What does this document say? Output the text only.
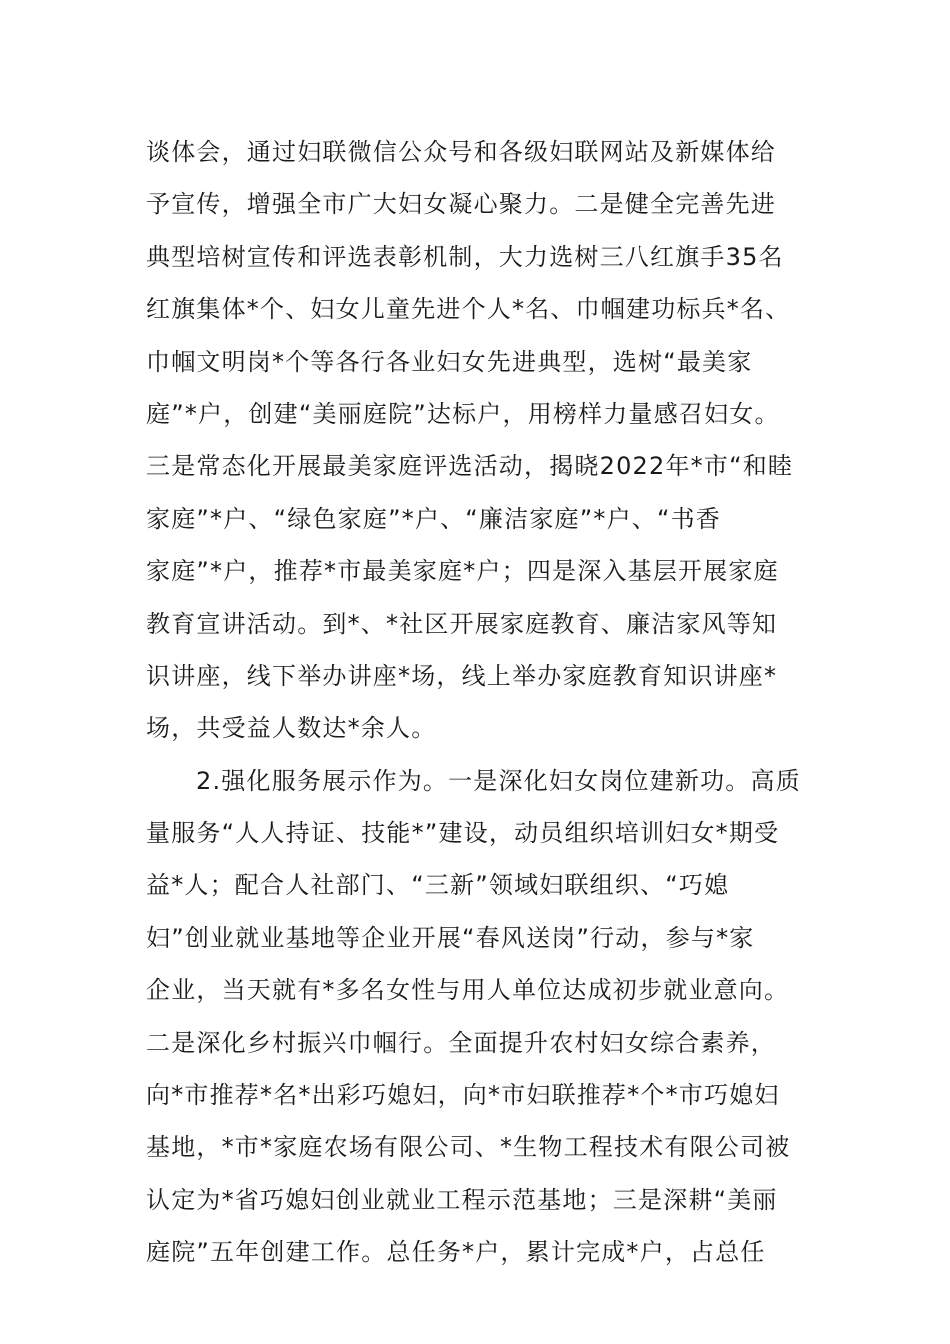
谈体会，通过妇联微信公众号和各级妇联网站及新媒体给
予宣传，增强全市广大妇女凝心聚力。二是健全完善先进
典型培树宣传和评选表彰机制，大力选树三八红旗手35名
红旗集体*个、妇女儿童先进个人*名、巾帼建功标兵*名、
巾帼文明岗*个等各行各业妇女先进典型，选树“最美家
庭”*户，创建“美丽庭院”达标户，用榜样力量感召妇女。
三是常态化开展最美家庭评选活动，揭晓2022年*市“和睦
家庭”*户、“绿色家庭”*户、“廉洁家庭”*户、“书香
家庭”*户，推荐*市最美家庭*户；四是深入基层开展家庭
教育宣讲活动。到*、*社区开展家庭教育、廉洁家风等知
识讲座，线下举办讲座*场，线上举办家庭教育知识讲座*
场，共受益人数达*余人。
2.强化服务展示作为。一是深化妇女岗位建新功。高质
量服务“人人持证、技能*”建设，动员组织培训妇女*期受
益*人；配合人社部门、“三新”领域妇联组织、“巧媳
妇”创业就业基地等企业开展“春风送岗”行动，参与*家
企业，当天就有*多名女性与用人单位达成初步就业意向。
二是深化乡村振兴巾帼行。全面提升农村妇女综合素养，
向*市推荐*名*出彩巧媳妇，向*市妇联推荐*个*市巧媳妇
基地，*市*家庭农场有限公司、*生物工程技术有限公司被
认定为*省巧媳妇创业就业工程示范基地；三是深耕“美丽
庭院”五年创建工作。总任务*户，累计完成*户，占总任
